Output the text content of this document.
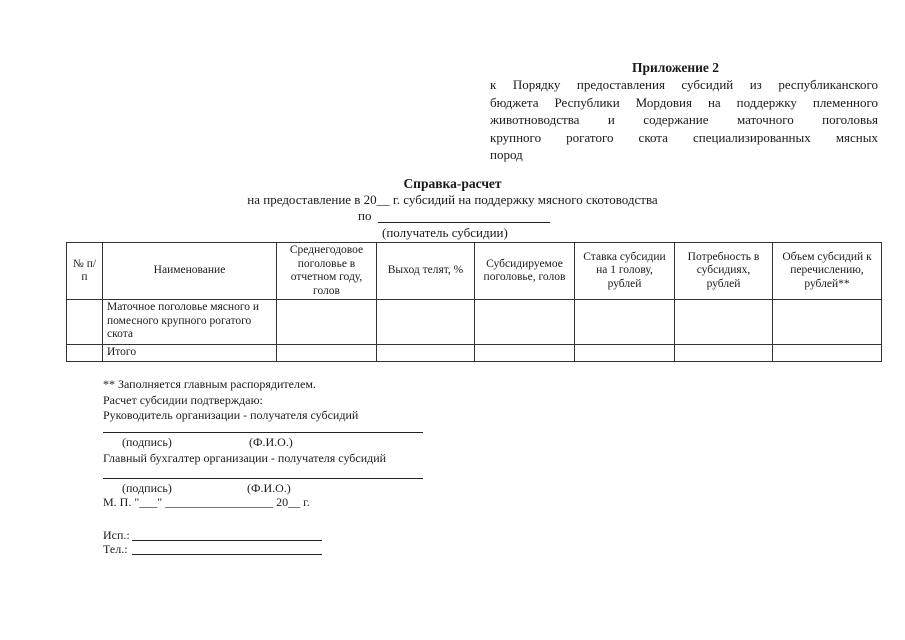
Приложение 2
к Порядку предоставления субсидий из республиканского
бюджета Республики Мордовия на поддержку племенного
животноводства и содержание маточного поголовья
крупного рогатого скота специализированных мясных
пород
Справка-расчет
на предоставление в 20__ г. субсидий на поддержку мясного скотоводства
по
(получатель субсидии)
№ п/п	Наименование	Среднегодовое поголовье в отчетном году, голов	Выход телят, %	Субсидируемое поголовье, голов	Ставка субсидии на 1 голову, рублей	Потребность в субсидиях, рублей	Объем субсидий к перечислению, рублей**
	Маточное поголовье мясного и помесного крупного рогатого скота						
	Итого						
** Заполняется главным распорядителем.
Расчет субсидии подтверждаю:
Руководитель организации - получателя субсидий
(подпись)	(Ф.И.О.)
Главный бухгалтер организации - получателя субсидий
(подпись)	(Ф.И.О.)
М. П. "___" __________________ 20__ г.
Исп.:
Тел.:
